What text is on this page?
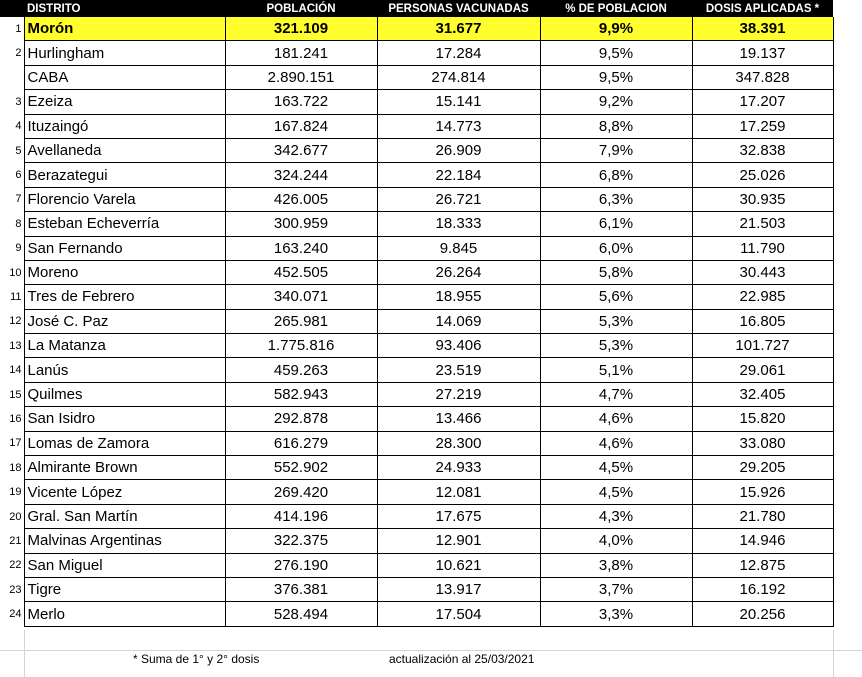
	DISTRITO	POBLACIÓN	PERSONAS VACUNADAS	% DE POBLACION	DOSIS APLICADAS *
1	Morón	321.109	31.677	9,9%	38.391
2	Hurlingham	181.241	17.284	9,5%	19.137
	CABA	2.890.151	274.814	9,5%	347.828
3	Ezeiza	163.722	15.141	9,2%	17.207
4	Ituzaingó	167.824	14.773	8,8%	17.259
5	Avellaneda	342.677	26.909	7,9%	32.838
6	Berazategui	324.244	22.184	6,8%	25.026
7	Florencio Varela	426.005	26.721	6,3%	30.935
8	Esteban Echeverría	300.959	18.333	6,1%	21.503
9	San Fernando	163.240	9.845	6,0%	11.790
10	Moreno	452.505	26.264	5,8%	30.443
11	Tres de Febrero	340.071	18.955	5,6%	22.985
12	José C. Paz	265.981	14.069	5,3%	16.805
13	La Matanza	1.775.816	93.406	5,3%	101.727
14	Lanús	459.263	23.519	5,1%	29.061
15	Quilmes	582.943	27.219	4,7%	32.405
16	San Isidro	292.878	13.466	4,6%	15.820
17	Lomas de Zamora	616.279	28.300	4,6%	33.080
18	Almirante Brown	552.902	24.933	4,5%	29.205
19	Vicente López	269.420	12.081	4,5%	15.926
20	Gral. San Martín	414.196	17.675	4,3%	21.780
21	Malvinas Argentinas	322.375	12.901	4,0%	14.946
22	San Miguel	276.190	10.621	3,8%	12.875
23	Tigre	376.381	13.917	3,7%	16.192
24	Merlo	528.494	17.504	3,3%	20.256
* Suma de 1° y 2° dosis	actualización al 25/03/2021
